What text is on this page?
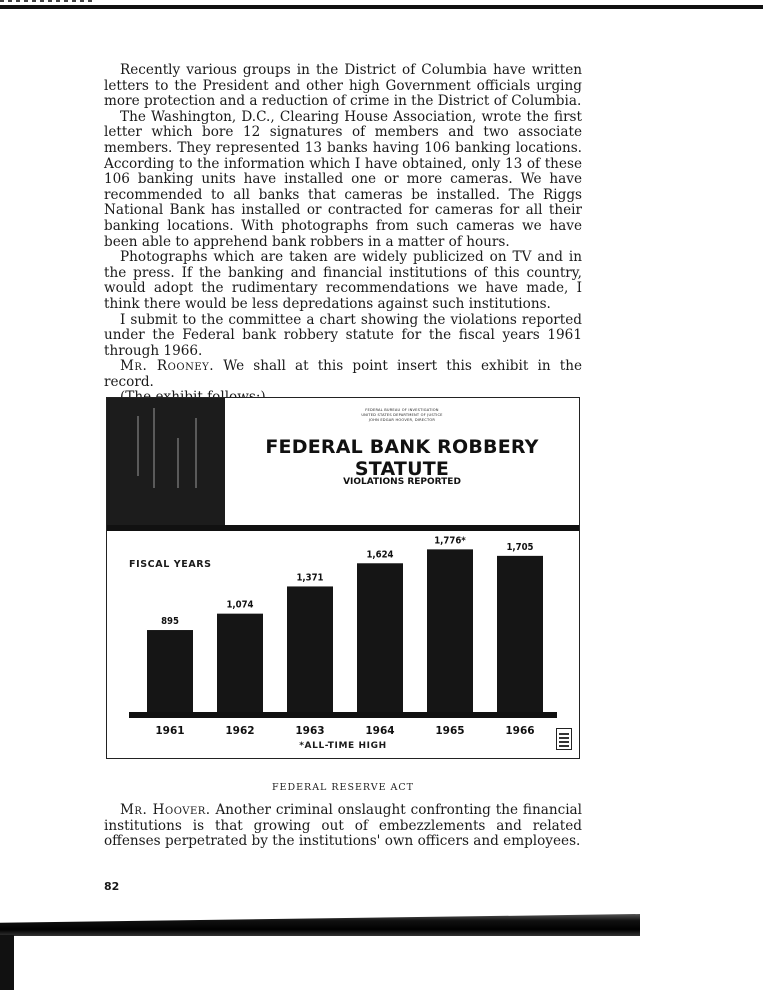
Recently various groups in the District of Columbia have written letters to the President and other high Government officials urging more protection and a reduction of crime in the District of Columbia.

The Washington, D.C., Clearing House Association, wrote the first letter which bore 12 signatures of members and two associate members. They represented 13 banks having 106 banking locations. According to the information which I have obtained, only 13 of these 106 banking units have installed one or more cameras. We have recommended to all banks that cameras be installed. The Riggs National Bank has installed or contracted for cameras for all their banking locations. With photographs from such cameras we have been able to apprehend bank robbers in a matter of hours.

Photographs which are taken are widely publicized on TV and in the press. If the banking and financial institutions of this country, would adopt the rudimentary recommendations we have made, I think there would be less depredations against such institutions.

I submit to the committee a chart showing the violations reported under the Federal bank robbery statute for the fiscal years 1961 through 1966.

Mr. Rooney. We shall at this point insert this exhibit in the record.

FEDERAL BUREAU OF INVESTIGATION
UNITED STATES DEPARTMENT OF JUSTICE
JOHN EDGAR HOOVER, DIRECTOR
FEDERAL BANK ROBBERY STATUTE
VIOLATIONS REPORTED
FISCAL YEARS
895
1961
1,074
1962
1,371
1963
1,624
1964
1,776*
1965
1,705
1966
*ALL-TIME HIGH
FEDERAL RESERVE ACT

Mr. Hoover. Another criminal onslaught confronting the financial institutions is that growing out of embezzlements and related offenses perpetrated by the institutions' own officers and employees.

82
